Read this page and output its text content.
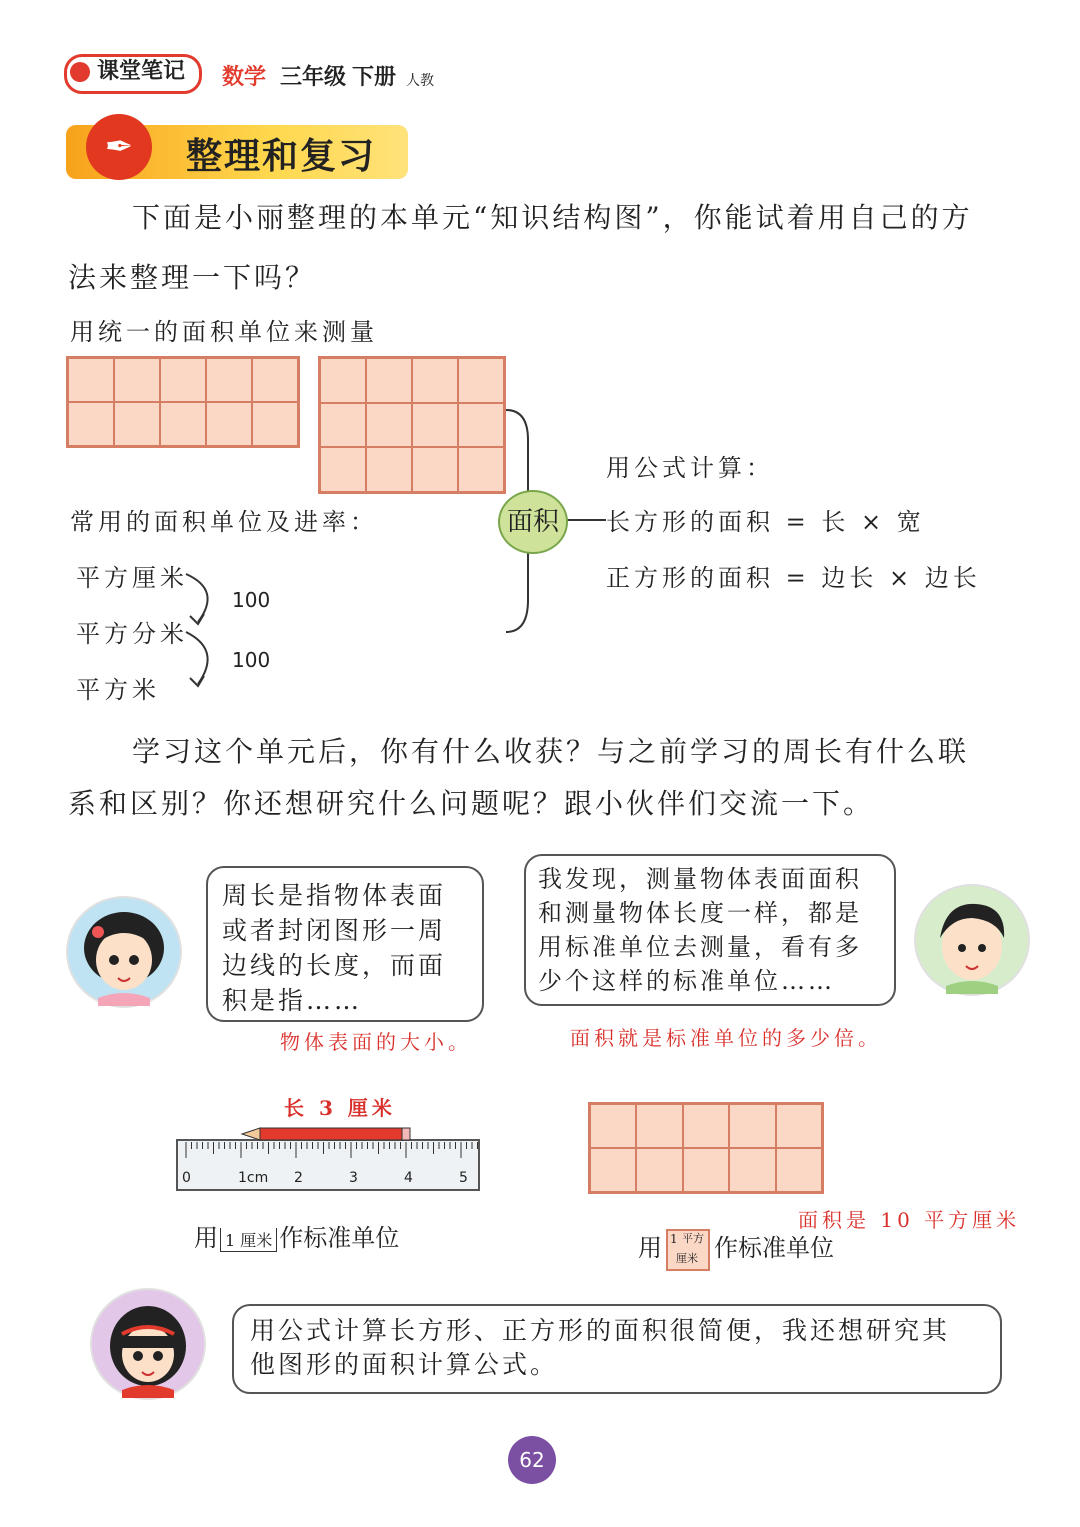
课堂笔记	数学 三年级 下册 人教
✒	整理和复习
下面是小丽整理的本单元“知识结构图”，你能试着用自己的方
法来整理一下吗？
用统一的面积单位来测量
面积
用公式计算：
长方形的面积 = 长 × 宽
正方形的面积 = 边长 × 边长
常用的面积单位及进率：
平方厘米
平方分米
平方米
100
100
学习这个单元后，你有什么收获？与之前学习的周长有什么联
系和区别？你还想研究什么问题呢？跟小伙伴们交流一下。
周长是指物体表面
或者封闭图形一周
边线的长度，而面
积是指……
物体表面的大小。
我发现，测量物体表面面积
和测量物体长度一样，都是
用标准单位去测量，看有多
少个这样的标准单位……
面积就是标准单位的多少倍。
长 3 厘米
0	1cm 2	3	4	5
用 1 厘米 作标准单位
面积是 10 平方厘米
用 1 平方
厘米 作标准单位
用公式计算长方形、正方形的面积很简便，我还想研究其
他图形的面积计算公式。
62
